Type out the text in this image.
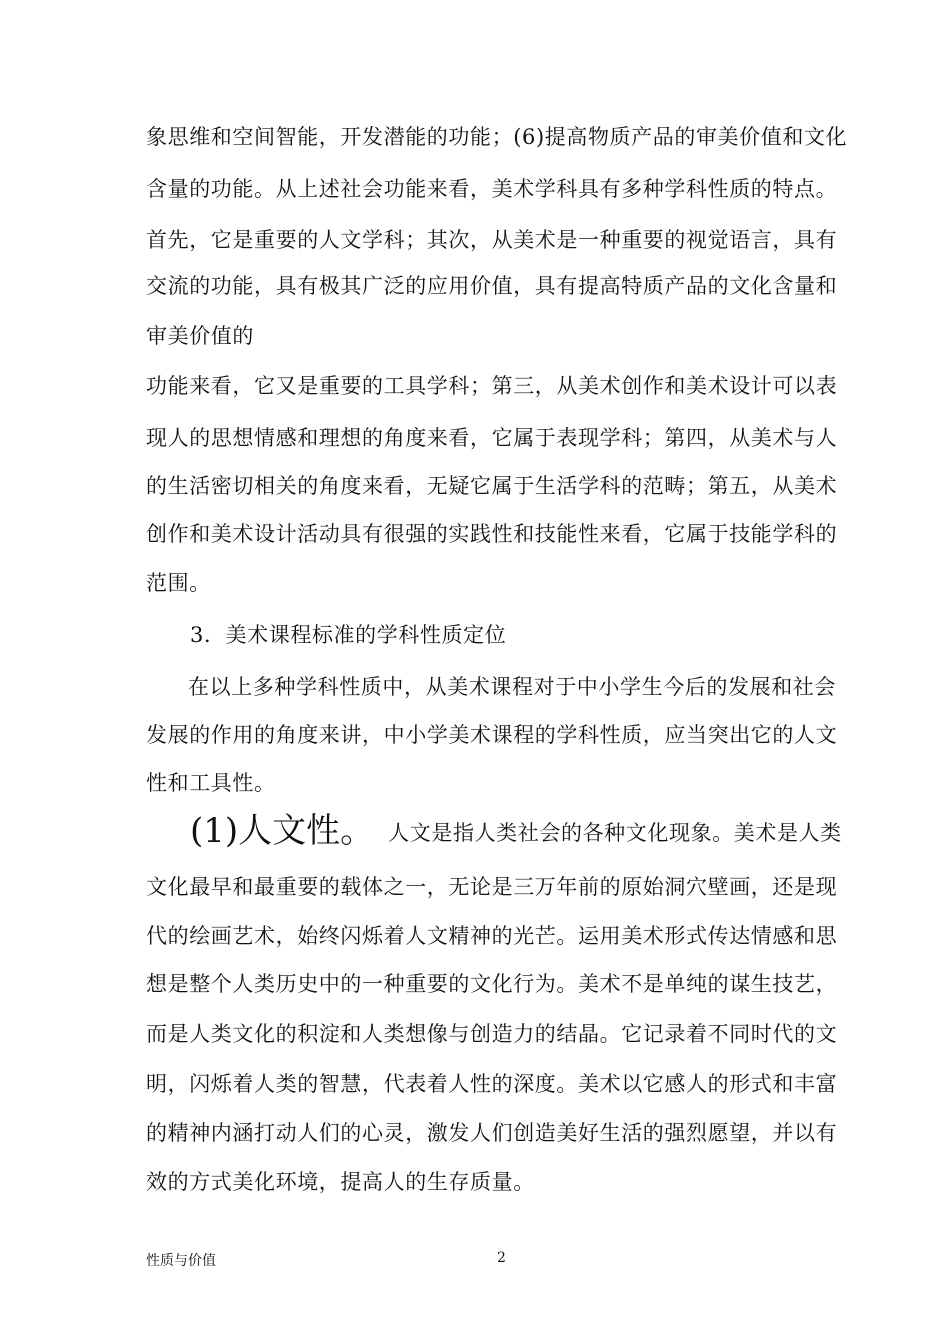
象思维和空间智能，开发潜能的功能；(6)提高物质产品的审美价值和文化
含量的功能。从上述社会功能来看，美术学科具有多种学科性质的特点。
首先，它是重要的人文学科；其次，从美术是一种重要的视觉语言，具有
交流的功能，具有极其广泛的应用价值，具有提高特质产品的文化含量和
审美价值的
功能来看，它又是重要的工具学科；第三，从美术创作和美术设计可以表
现人的思想情感和理想的角度来看，它属于表现学科；第四，从美术与人
的生活密切相关的角度来看，无疑它属于生活学科的范畴；第五，从美术
创作和美术设计活动具有很强的实践性和技能性来看，它属于技能学科的
范围。
3．美术课程标准的学科性质定位
在以上多种学科性质中，从美术课程对于中小学生今后的发展和社会
发展的作用的角度来讲，中小学美术课程的学科性质，应当突出它的人文
性和工具性。
(1)人文性。 人文是指人类社会的各种文化现象。美术是人类
文化最早和最重要的载体之一，无论是三万年前的原始洞穴壁画，还是现
代的绘画艺术，始终闪烁着人文精神的光芒。运用美术形式传达情感和思
想是整个人类历史中的一种重要的文化行为。美术不是单纯的谋生技艺，
而是人类文化的积淀和人类想像与创造力的结晶。它记录着不同时代的文
明，闪烁着人类的智慧，代表着人性的深度。美术以它感人的形式和丰富
的精神内涵打动人们的心灵，激发人们创造美好生活的强烈愿望，并以有
效的方式美化环境，提高人的生存质量。
性质与价值	2
